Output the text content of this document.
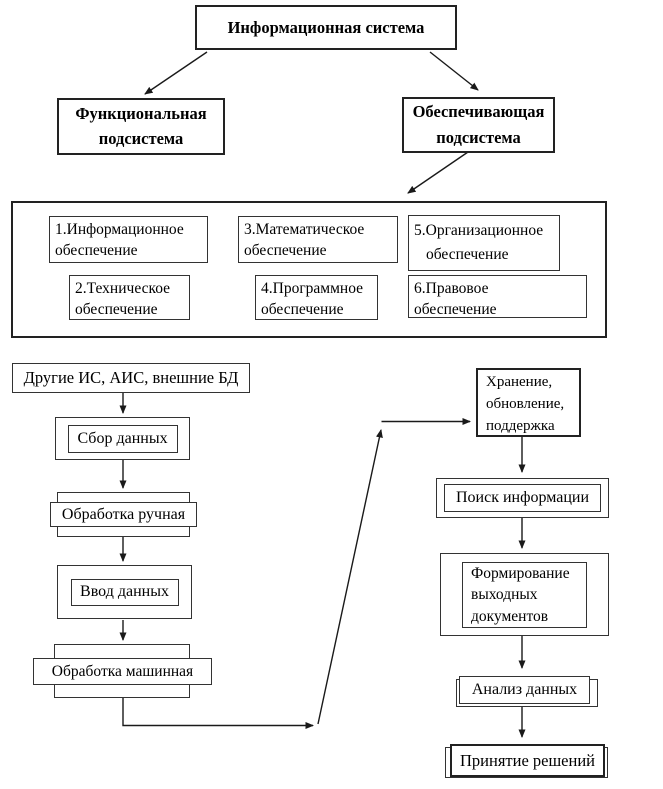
Информационная система
Функциональная
подсистема
Обеспечивающая
подсистема
1.Информационное
обеспечение
3.Математическое
обеспечение
5.Организационное
обеспечение
2.Техническое
обеспечение
4.Программное
обеспечение
6.Правовое
обеспечение
Другие ИС, АИС, внешние БД
Сбор данных
Обработка ручная
Ввод данных
Обработка машинная
Хранение,
обновление,
поддержка
Поиск информации
Формирование
выходных
документов
Анализ данных
Принятие решений
